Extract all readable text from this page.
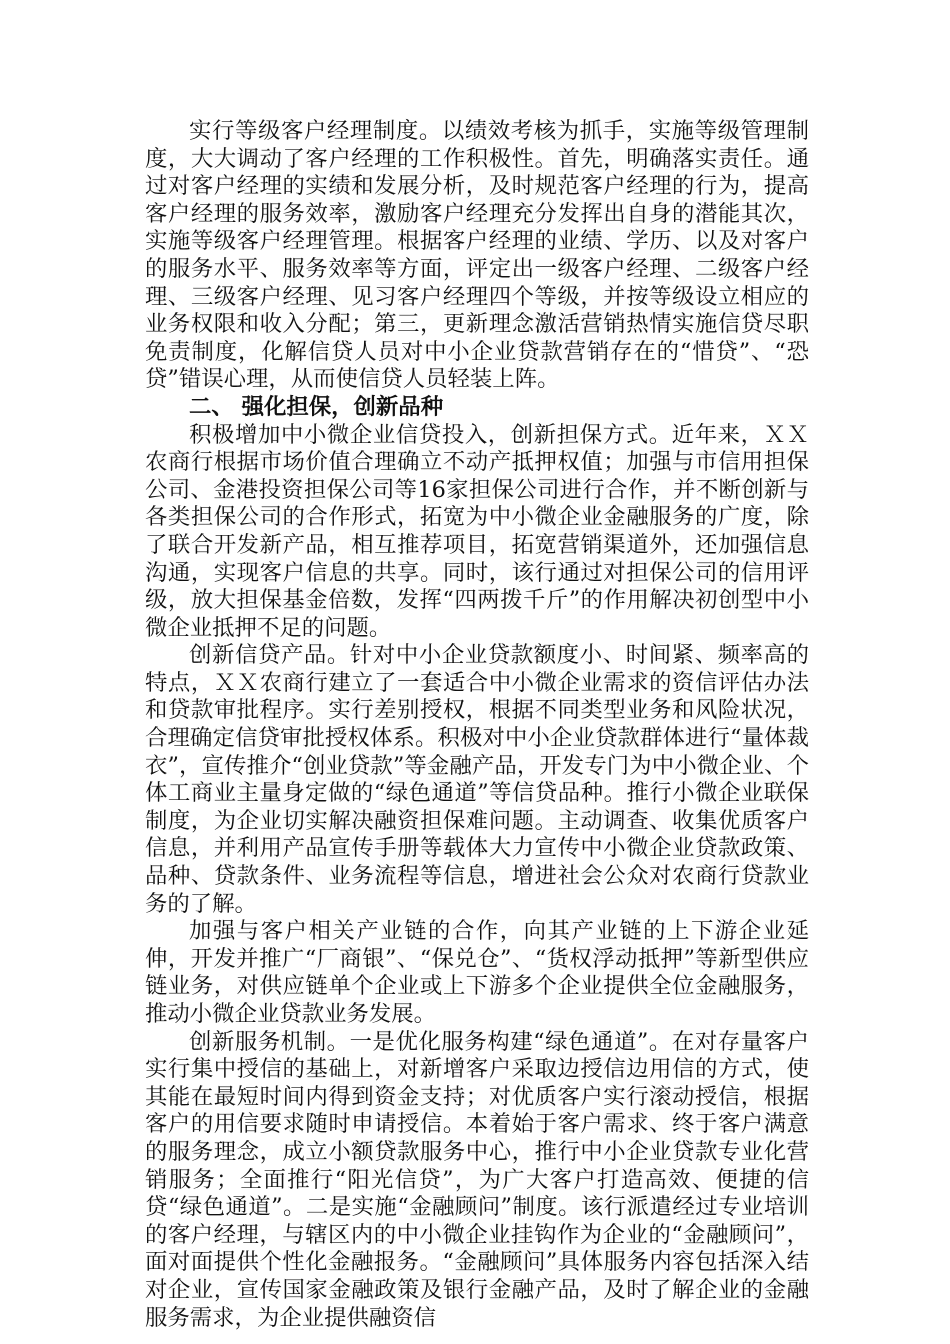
实行等级客户经理制度。以绩效考核为抓手，实施等级管理制度，大大调动了客户经理的工作积极性。首先，明确落实责任。通过对客户经理的实绩和发展分析，及时规范客户经理的行为，提高客户经理的服务效率，激励客户经理充分发挥出自身的潜能其次，实施等级客户经理管理。根据客户经理的业绩、学历、以及对客户的服务水平、服务效率等方面，评定出一级客户经理、二级客户经理、三级客户经理、见习客户经理四个等级，并按等级设立相应的业务权限和收入分配；第三，更新理念激活营销热情实施信贷尽职免责制度，化解信贷人员对中小企业贷款营销存在的“惜贷”、“恐贷”错误心理，从而使信贷人员轻装上阵。

二、 强化担保，创新品种

积极增加中小微企业信贷投入，创新担保方式。近年来，ＸＸ农商行根据市场价值合理确立不动产抵押权值；加强与市信用担保公司、金港投资担保公司等16家担保公司进行合作，并不断创新与各类担保公司的合作形式，拓宽为中小微企业金融服务的广度，除了联合开发新产品，相互推荐项目，拓宽营销渠道外，还加强信息沟通，实现客户信息的共享。同时，该行通过对担保公司的信用评级，放大担保基金倍数，发挥“四两拨千斤”的作用解决初创型中小微企业抵押不足的问题。

创新信贷产品。针对中小企业贷款额度小、时间紧、频率高的特点，ＸＸ农商行建立了一套适合中小微企业需求的资信评估办法和贷款审批程序。实行差别授权，根据不同类型业务和风险状况，合理确定信贷审批授权体系。积极对中小企业贷款群体进行“量体裁衣”，宣传推介“创业贷款”等金融产品，开发专门为中小微企业、个体工商业主量身定做的“绿色通道”等信贷品种。推行小微企业联保制度，为企业切实解决融资担保难问题。主动调查、收集优质客户信息，并利用产品宣传手册等载体大力宣传中小微企业贷款政策、品种、贷款条件、业务流程等信息，增进社会公众对农商行贷款业务的了解。

加强与客户相关产业链的合作，向其产业链的上下游企业延伸，开发并推广“厂商银”、“保兑仓”、“货权浮动抵押”等新型供应链业务，对供应链单个企业或上下游多个企业提供全位金融服务，推动小微企业贷款业务发展。

创新服务机制。一是优化服务构建“绿色通道”。在对存量客户实行集中授信的基础上，对新增客户采取边授信边用信的方式，使其能在最短时间内得到资金支持；对优质客户实行滚动授信，根据客户的用信要求随时申请授信。本着始于客户需求、终于客户满意的服务理念，成立小额贷款服务中心，推行中小企业贷款专业化营销服务；全面推行“阳光信贷”，为广大客户打造高效、便捷的信贷“绿色通道”。二是实施“金融顾问”制度。该行派遣经过专业培训的客户经理，与辖区内的中小微企业挂钩作为企业的“金融顾问”，面对面提供个性化金融报务。“金融顾问”具体服务内容包括深入结对企业，宣传国家金融政策及银行金融产品，及时了解企业的金融服务需求，为企业提供融资信
